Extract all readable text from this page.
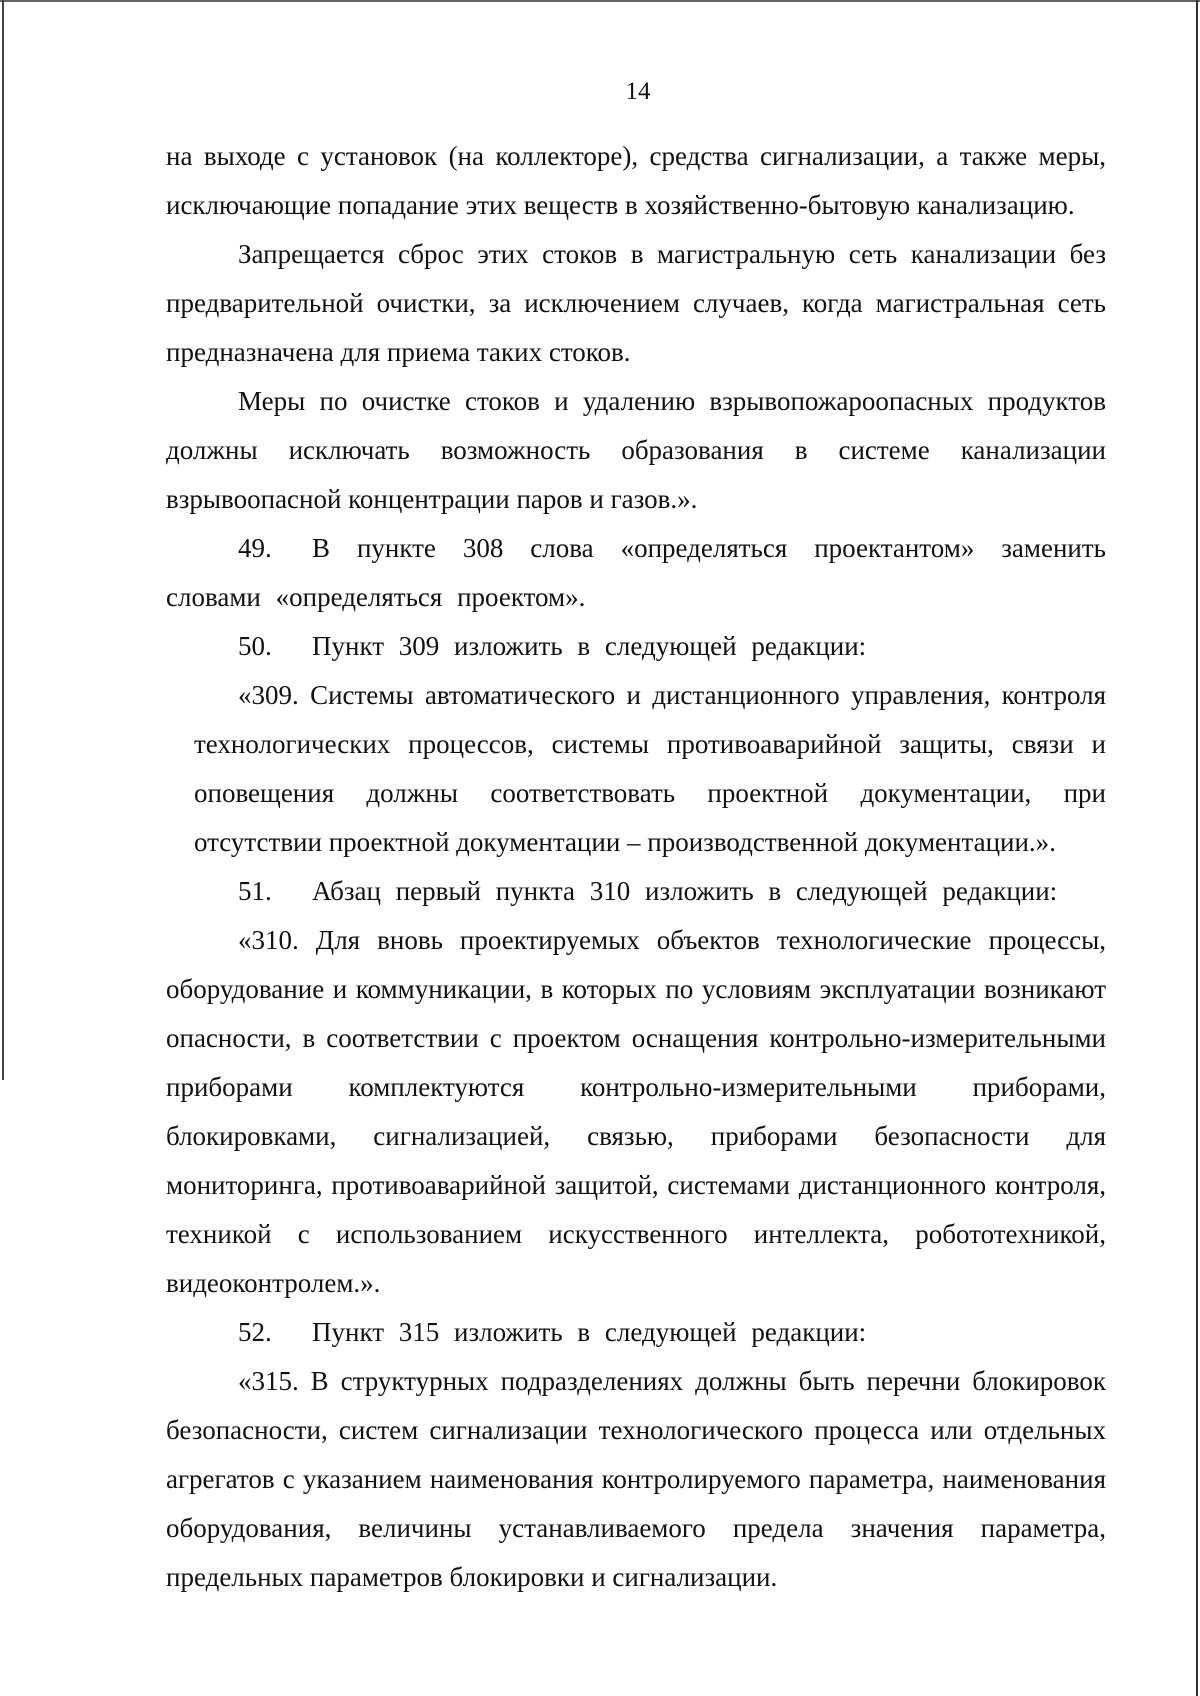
14

на выходе с установок (на коллекторе), средства сигнализации, а также меры, исключающие попадание этих веществ в хозяйственно-бытовую канализацию.

Запрещается сброс этих стоков в магистральную сеть канализации без предварительной очистки, за исключением случаев, когда магистральная сеть предназначена для приема таких стоков.

Меры по очистке стоков и удалению взрывопожароопасных продуктов должны исключать возможность образования в системе канализации взрывоопасной концентрации паров и газов.».

49. В пункте 308 слова «определяться проектантом» заменить словами «определяться проектом».

50. Пункт 309 изложить в следующей редакции:

«309. Системы автоматического и дистанционного управления, контроля технологических процессов, системы противоаварийной защиты, связи и оповещения должны соответствовать проектной документации, при отсутствии проектной документации – производственной документации.».

51. Абзац первый пункта 310 изложить в следующей редакции:

«310. Для вновь проектируемых объектов технологические процессы, оборудование и коммуникации, в которых по условиям эксплуатации возникают опасности, в соответствии с проектом оснащения контрольно-измерительными приборами комплектуются контрольно-измерительными приборами, блокировками, сигнализацией, связью, приборами безопасности для мониторинга, противоаварийной защитой, системами дистанционного контроля, техникой с использованием искусственного интеллекта, робототехникой, видеоконтролем.».

52. Пункт 315 изложить в следующей редакции:

«315. В структурных подразделениях должны быть перечни блокировок безопасности, систем сигнализации технологического процесса или отдельных агрегатов с указанием наименования контролируемого параметра, наименования оборудования, величины устанавливаемого предела значения параметра, предельных параметров блокировки и сигнализации.
